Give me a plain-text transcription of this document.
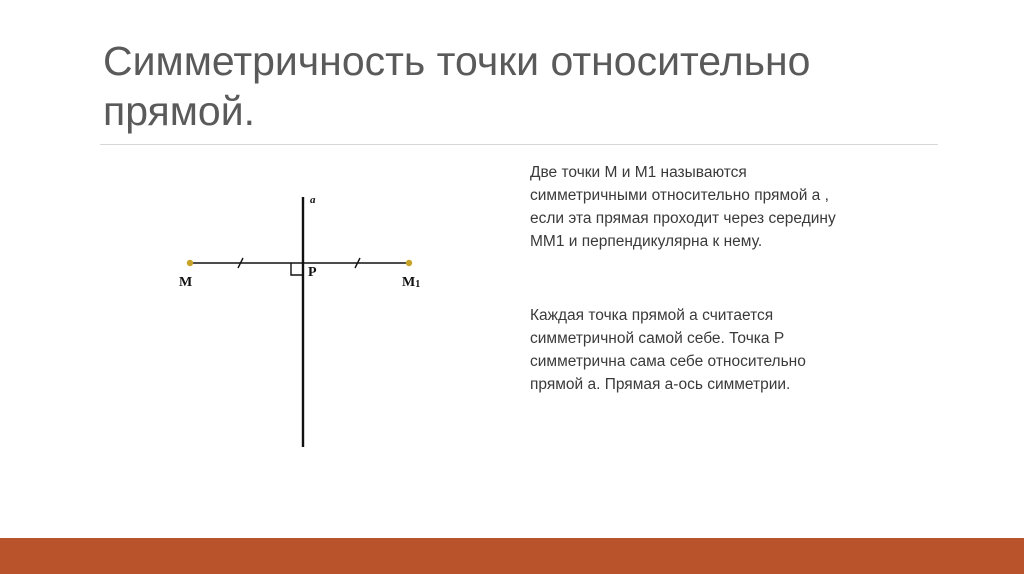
Симметричность точки относительно прямой.
a
M
P
M1

Две точки М и М1 называются
симметричными относительно прямой а ,
если эта прямая проходит через середину
ММ1 и перпендикулярна к нему.

Каждая точка прямой а считается
симметричной самой себе. Точка Р
симметрична сама себе относительно
прямой а. Прямая а-ось симметрии.
